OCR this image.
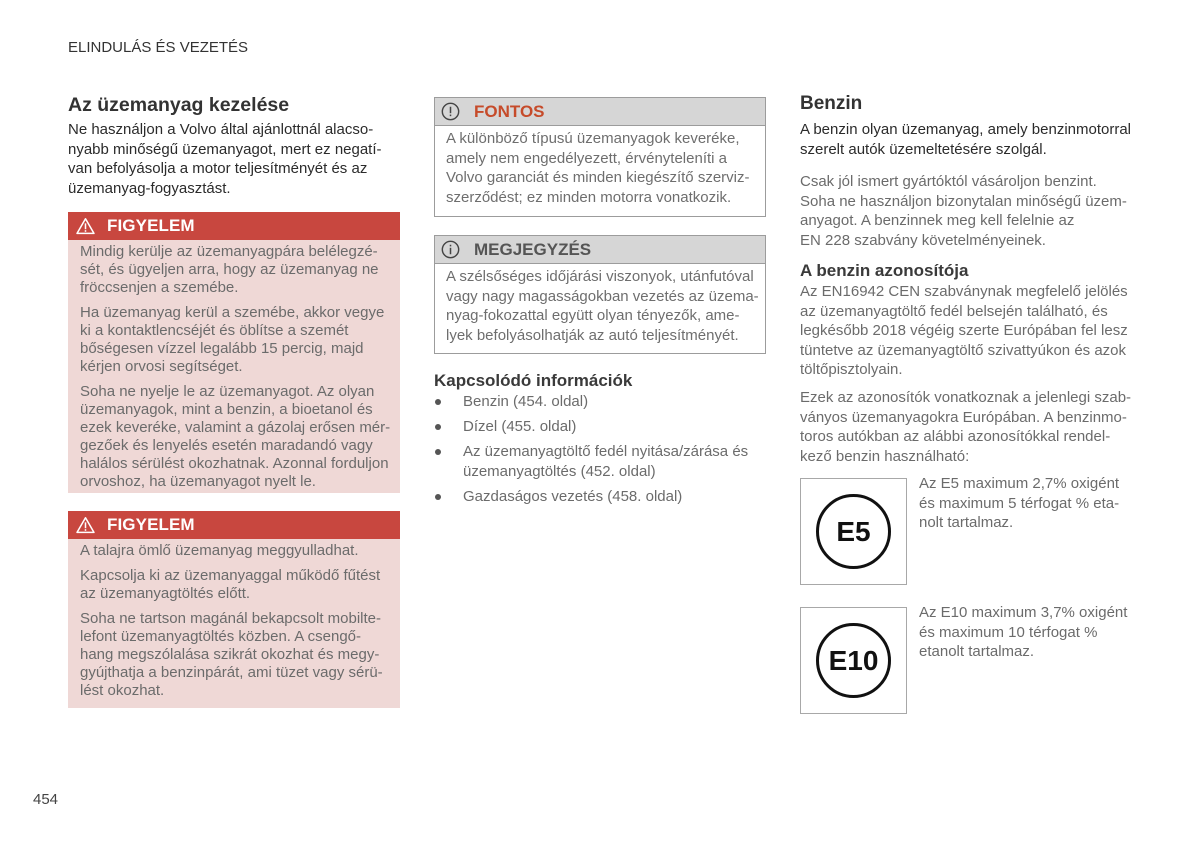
ELINDULÁS ÉS VEZETÉS
Az üzemanyag kezelése

Ne használjon a Volvo által ajánlottnál alacso-
nyabb minőségű üzemanyagot, mert ez negatí-
van befolyásolja a motor teljesítményét és az
üzemanyag-fogyasztást.

FIGYELEM

Mindig kerülje az üzemanyagpára belélegzé-
sét, és ügyeljen arra, hogy az üzemanyag ne
fröccsenjen a szemébe.

Ha üzemanyag kerül a szemébe, akkor vegye
ki a kontaktlencséjét és öblítse a szemét
bőségesen vízzel legalább 15 percig, majd
kérjen orvosi segítséget.

Soha ne nyelje le az üzemanyagot. Az olyan
üzemanyagok, mint a benzin, a bioetanol és
ezek keveréke, valamint a gázolaj erősen mér-
gezőek és lenyelés esetén maradandó vagy
halálos sérülést okozhatnak. Azonnal forduljon
orvoshoz, ha üzemanyagot nyelt le.

FIGYELEM

A talajra ömlő üzemanyag meggyulladhat.

Kapcsolja ki az üzemanyaggal működő fűtést
az üzemanyagtöltés előtt.

Soha ne tartson magánál bekapcsolt mobilte-
lefont üzemanyagtöltés közben. A csengő-
hang megszólalása szikrát okozhat és megy-
gyújthatja a benzinpárát, ami tüzet vagy sérü-
lést okozhat.

FONTOS
A különböző típusú üzemanyagok keveréke,
amely nem engedélyezett, érvényteleníti a
Volvo garanciát és minden kiegészítő szerviz-
szerződést; ez minden motorra vonatkozik.
MEGJEGYZÉS
A szélsőséges időjárási viszonyok, utánfutóval
vagy nagy magasságokban vezetés az üzema-
nyag-fokozattal együtt olyan tényezők, ame-
lyek befolyásolhatják az autó teljesítményét.
Kapcsolódó információk
Benzin (454. oldal)
Dízel (455. oldal)
Az üzemanyagtöltő fedél nyitása/zárása és
üzemanyagtöltés (452. oldal)
Gazdaságos vezetés (458. oldal)
Benzin

A benzin olyan üzemanyag, amely benzinmotorral
szerelt autók üzemeltetésére szolgál.

Csak jól ismert gyártóktól vásároljon benzint.
Soha ne használjon bizonytalan minőségű üzem-
anyagot. A benzinnek meg kell felelnie az
EN 228 szabvány követelményeinek.

A benzin azonosítója

Az EN16942 CEN szabványnak megfelelő jelölés
az üzemanyagtöltő fedél belsején található, és
legkésőbb 2018 végéig szerte Európában fel lesz
tüntetve az üzemanyagtöltő szivattyúkon és azok
töltőpisztolyain.

Ezek az azonosítók vonatkoznak a jelenlegi szab-
ványos üzemanyagokra Európában. A benzinmo-
toros autókban az alábbi azonosítókkal rendel-
kező benzin használható:

E5

Az E5 maximum 2,7% oxigént
és maximum 5 térfogat % eta-
nolt tartalmaz.

E10

Az E10 maximum 3,7% oxigént
és maximum 10 térfogat %
etanolt tartalmaz.

454
